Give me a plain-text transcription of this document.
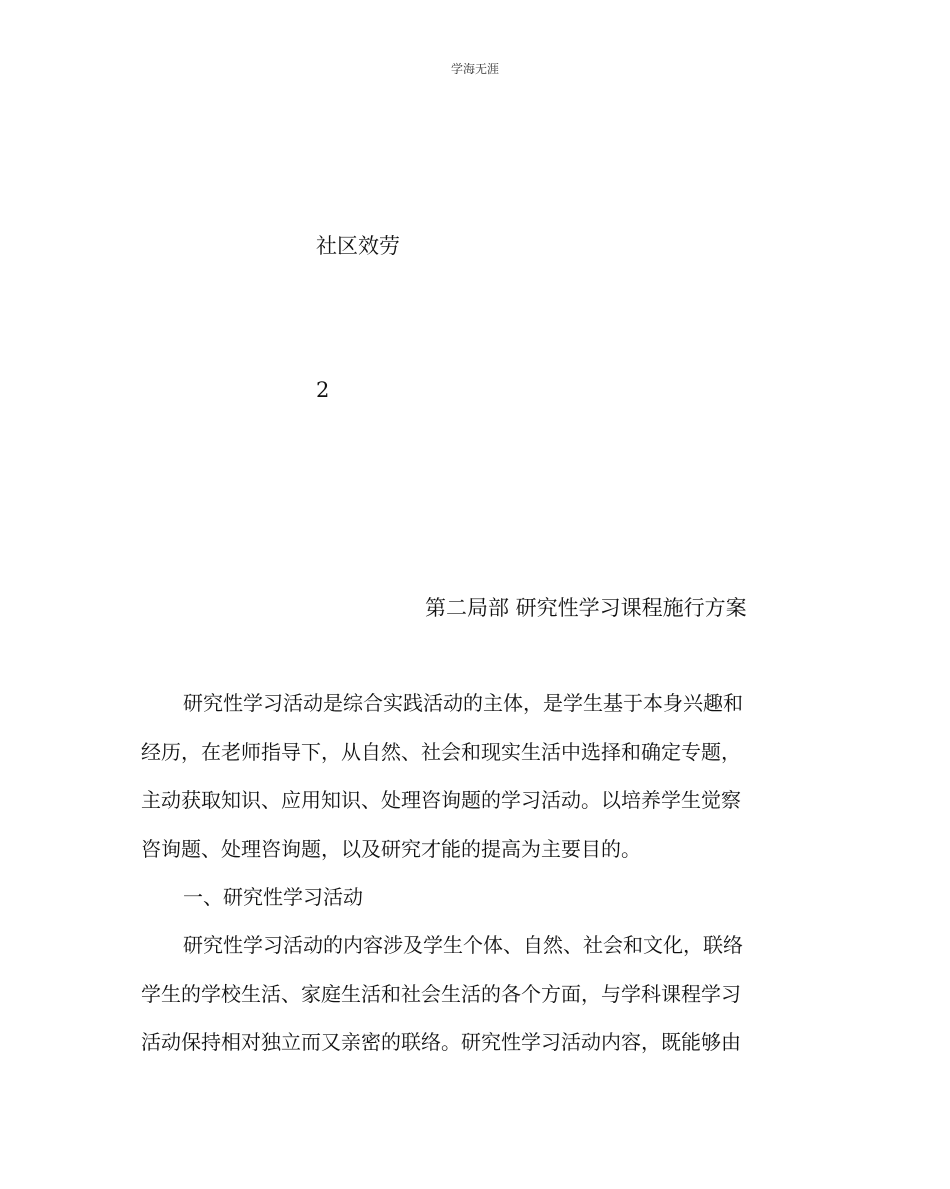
学海无涯
社区效劳
2
第二局部 研究性学习课程施行方案
研究性学习活动是综合实践活动的主体，是学生基于本身兴趣和
经历，在老师指导下，从自然、社会和现实生活中选择和确定专题，
主动获取知识、应用知识、处理咨询题的学习活动。以培养学生觉察
咨询题、处理咨询题，以及研究才能的提高为主要目的。
一、研究性学习活动
研究性学习活动的内容涉及学生个体、自然、社会和文化，联络
学生的学校生活、家庭生活和社会生活的各个方面，与学科课程学习
活动保持相对独立而又亲密的联络。研究性学习活动内容，既能够由
